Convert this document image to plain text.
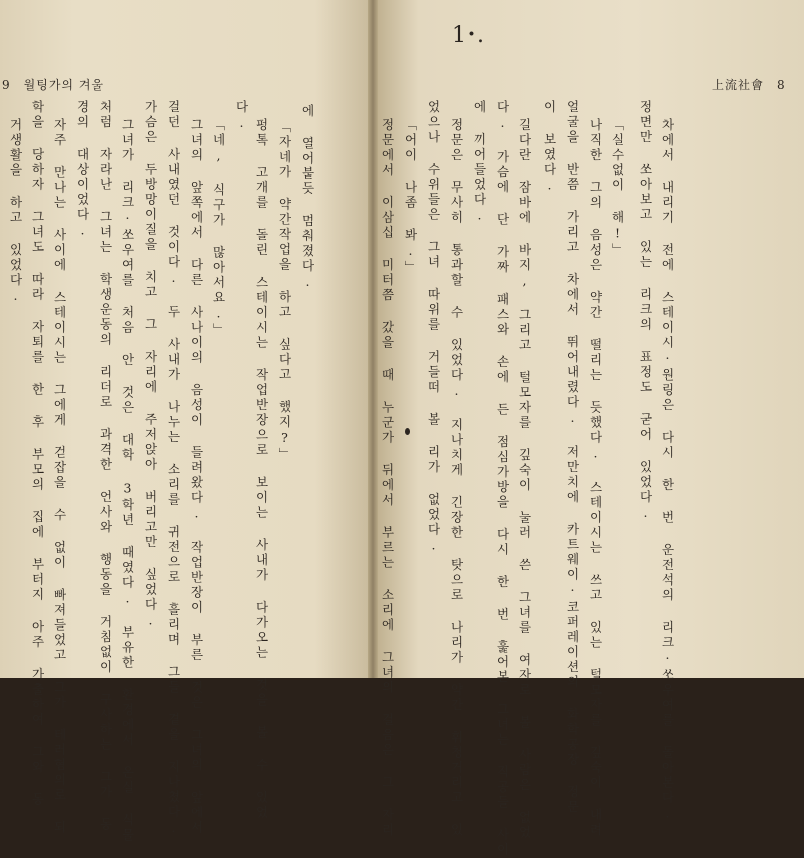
9　월팅가의 겨울	上流社會　8
1･.
차에서 내리기 전에 스테이시·원링은 다시 한 번 운전석의 리크·쏘우여를 돌아본다.
정면만 쏘아보고 있는 리크의 표정도 굳어 있었다.
「실수없이 해!」
나직한 그의 음성은 약간 떨리는 듯했다. 스테이시는 쓰고 있는 털모자를 깊숙이 내려
얼굴을 반쯤 가리고 차에서 뛰어내렸다. 저만치에 카트웨이·코퍼레이션의 화학공장 정문
이 보였다.
길다란 잠바에 바지, 그리고 털모자를 깊숙이 눌러 쓴 그녀를 여자로 볼 사람은 없었
다. 가슴에 단 가짜 패스와 손에 든 점심가방을 다시 한 번 훑어본 그녀는 직공들 사이
에 끼어들었다.
정문은 무사히 통과할 수 있었다. 지나치게 긴장한 탓으로 나리가 약간 휘청거리고 있
었으나 수위들은 그녀 따위를 거들떠 볼 리가 없었다.
「어이 나좀 봐.」
정문에서 이삼십 미터쯤 갔을 때 누군가 뒤에서 부르는 소리에 그녀의 걸음은 그 자리
에 열어붙듯 멈춰졌다.
「자네가 약간작업을 하고 싶다고 했지?」
펑톡 고개를 돌린 스테이시는 작업반장으로 보이는 사내가 다가오는 것을 볼 수 있었
다.
「네, 식구가 많아서요.」
그녀의 앞쪽에서 다른 사나이의 음성이 들려왔다. 작업반장이 부른 것은 그녀의 앞에서
걸던 사내였던 것이다. 두 사내가 나누는 소리를 귀전으로 흘리며 그들 곁을 지나쳤다.
가슴은 두방망이질을 치고 그 자리에 주저앉아 버리고만 싶었다.
그녀가 리크·쏘우여를 처음 안 것은 대학 3학년 때였다. 부유한 환경에서 온실 식물
처럼 자라난 그녀는 학생운동의 리더로 과격한 언사와 행동을 거침없이 구사하는 그가 동
경의 대상이었다.
자주 만나는 사이에 스테이시는 그에게 걷잡을 수 없이 빠져들었고 그가 테러혐의로 되
학을 당하자 그녀도 따라 자퇴를 한 후 부모의 집에 부터지 아주 가출하여 그와 동
거생활을 하고 있었다.
